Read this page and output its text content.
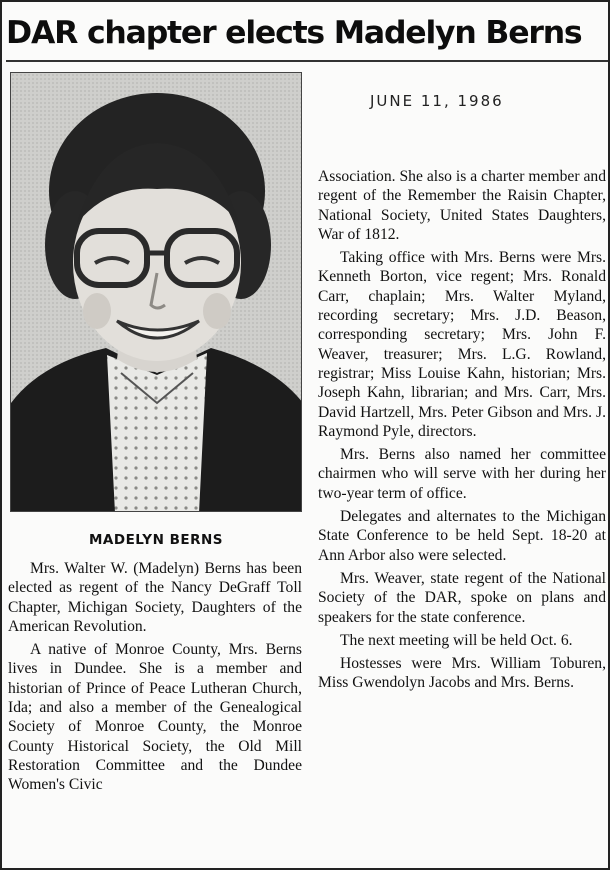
DAR chapter elects Madelyn Berns
JUNE 11, 1986
MADELYN BERNS

Mrs. Walter W. (Madelyn) Berns has been elected as regent of the Nancy DeGraff Toll Chapter, Michigan Society, Daughters of the American Revolution.

A native of Monroe County, Mrs. Berns lives in Dundee. She is a member and historian of Prince of Peace Lutheran Church, Ida; and also a member of the Genealogical Society of Monroe County, the Monroe County Historical Society, the Old Mill Restoration Committee and the Dundee Women's Civic

Association. She also is a charter member and regent of the Remember the Raisin Chapter, National Society, United States Daughters, War of 1812.

Taking office with Mrs. Berns were Mrs. Kenneth Borton, vice regent; Mrs. Ronald Carr, chaplain; Mrs. Walter Myland, recording secretary; Mrs. J.D. Beason, corresponding secretary; Mrs. John F. Weaver, treasurer; Mrs. L.G. Rowland, registrar; Miss Louise Kahn, historian; Mrs. Joseph Kahn, librarian; and Mrs. Carr, Mrs. David Hartzell, Mrs. Peter Gibson and Mrs. J. Raymond Pyle, directors.

Mrs. Berns also named her committee chairmen who will serve with her during her two-year term of office.

Delegates and alternates to the Michigan State Conference to be held Sept. 18-20 at Ann Arbor also were selected.

Mrs. Weaver, state regent of the National Society of the DAR, spoke on plans and speakers for the state conference.

The next meeting will be held Oct. 6.

Hostesses were Mrs. William Toburen, Miss Gwendolyn Jacobs and Mrs. Berns.
